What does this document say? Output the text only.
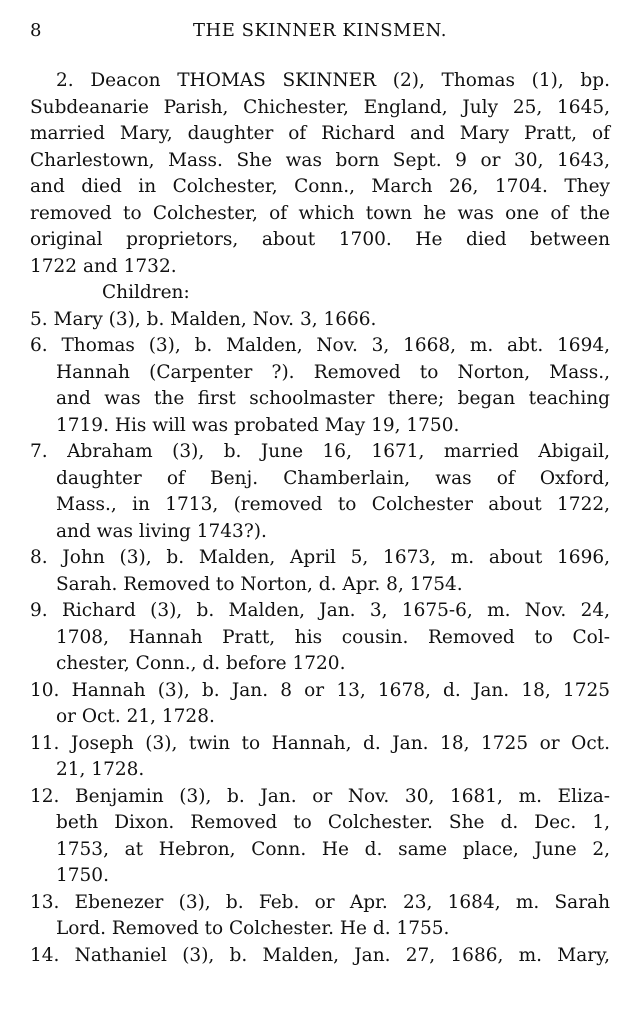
8	THE SKINNER KINSMEN.
2. Deacon THOMAS SKINNER (2), Thomas (1), bp.
Subdeanarie Parish, Chichester, England, July 25, 1645,
married Mary, daughter of Richard and Mary Pratt, of
Charlestown, Mass. She was born Sept. 9 or 30, 1643,
and died in Colchester, Conn., March 26, 1704. They
removed to Colchester, of which town he was one of the
original proprietors, about 1700. He died between
1722 and 1732.
Children:
5. Mary (3), b. Malden, Nov. 3, 1666.
6. Thomas (3), b. Malden, Nov. 3, 1668, m. abt. 1694,
Hannah (Carpenter ?). Removed to Norton, Mass.,
and was the first schoolmaster there; began teaching
1719. His will was probated May 19, 1750.
7. Abraham (3), b. June 16, 1671, married Abigail,
daughter of Benj. Chamberlain, was of Oxford,
Mass., in 1713, (removed to Colchester about 1722,
and was living 1743?).
8. John (3), b. Malden, April 5, 1673, m. about 1696,
Sarah. Removed to Norton, d. Apr. 8, 1754.
9. Richard (3), b. Malden, Jan. 3, 1675-6, m. Nov. 24,
1708, Hannah Pratt, his cousin. Removed to Col-
chester, Conn., d. before 1720.
10. Hannah (3), b. Jan. 8 or 13, 1678, d. Jan. 18, 1725
or Oct. 21, 1728.
11. Joseph (3), twin to Hannah, d. Jan. 18, 1725 or Oct.
21, 1728.
12. Benjamin (3), b. Jan. or Nov. 30, 1681, m. Eliza-
beth Dixon. Removed to Colchester. She d. Dec. 1,
1753, at Hebron, Conn. He d. same place, June 2,
1750.
13. Ebenezer (3), b. Feb. or Apr. 23, 1684, m. Sarah
Lord. Removed to Colchester. He d. 1755.
14. Nathaniel (3), b. Malden, Jan. 27, 1686, m. Mary,
